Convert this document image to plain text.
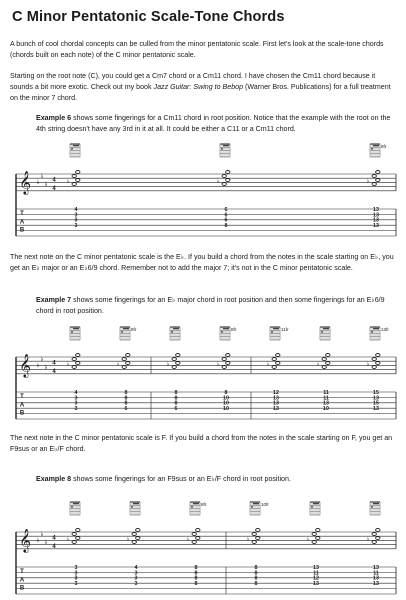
C Minor Pentatonic Scale-Tone Chords

A bunch of cool chordal concepts can be culled from the minor pentatonic scale. First let's look at the scale-tone chords (chords built on each note) of the C minor pentatonic scale.

Starting on the root note (C), you could get a Cm7 chord or a Cm11 chord. I have chosen the Cm11 chord because it sounds a bit more exotic. Check out my book Jazz Guitar: Swing to Bebop (Warner Bros. Publications) for a full treatment on the minor 7 chord.

Example 6 shows some fingerings for a Cm11 chord in root position. Notice that the example with the root on the 4th string doesn't have any 3rd in it at all. It could be either a C11 or a Cm11 chord.

𝄞 ♭
♭
♭ 4
4
T
A
B
♭
4
3
3
3
♭
6
6
6
8
8fr
♭
13
13
13
13

The next note on the C minor pentatonic scale is the E♭. If you build a chord from the notes in the scale starting on E♭, you get an E♭ major or an E♭6/9 chord. Remember not to add the major 7; it's not in the C minor pentatonic scale.

Example 7 shows some fingerings for an E♭ major chord in root position and then some fingerings for an E♭6/9 chord in root position.

𝄞 ♭
♭
♭ 4
4
T
A
B
♭
4
3
3
3
8fr
♭
8
8
8
6
♭
8
8
8
6
8fr
♭
8
10
10
10
11fr
♭
12
13
13
13
♭
11
11
13
10
13fr
♭
15
13
15
13

The next note in the C minor pentatonic scale is F. If you build a chord from the notes in the scale starting on F, you get an F9sus or an E♭/F chord.

Example 8 shows some fingerings for an F9sus or an E♭/F chord in root position.

𝄞 ♭
♭
♭ 4
4
T
A
B
♭
3
3
3
3
♭
4
3
3
3
8fr
♭
8
8
8
8
10fr
♭
8
8
8
8
♭
13
11
12
13
♭
13
11
13
13
